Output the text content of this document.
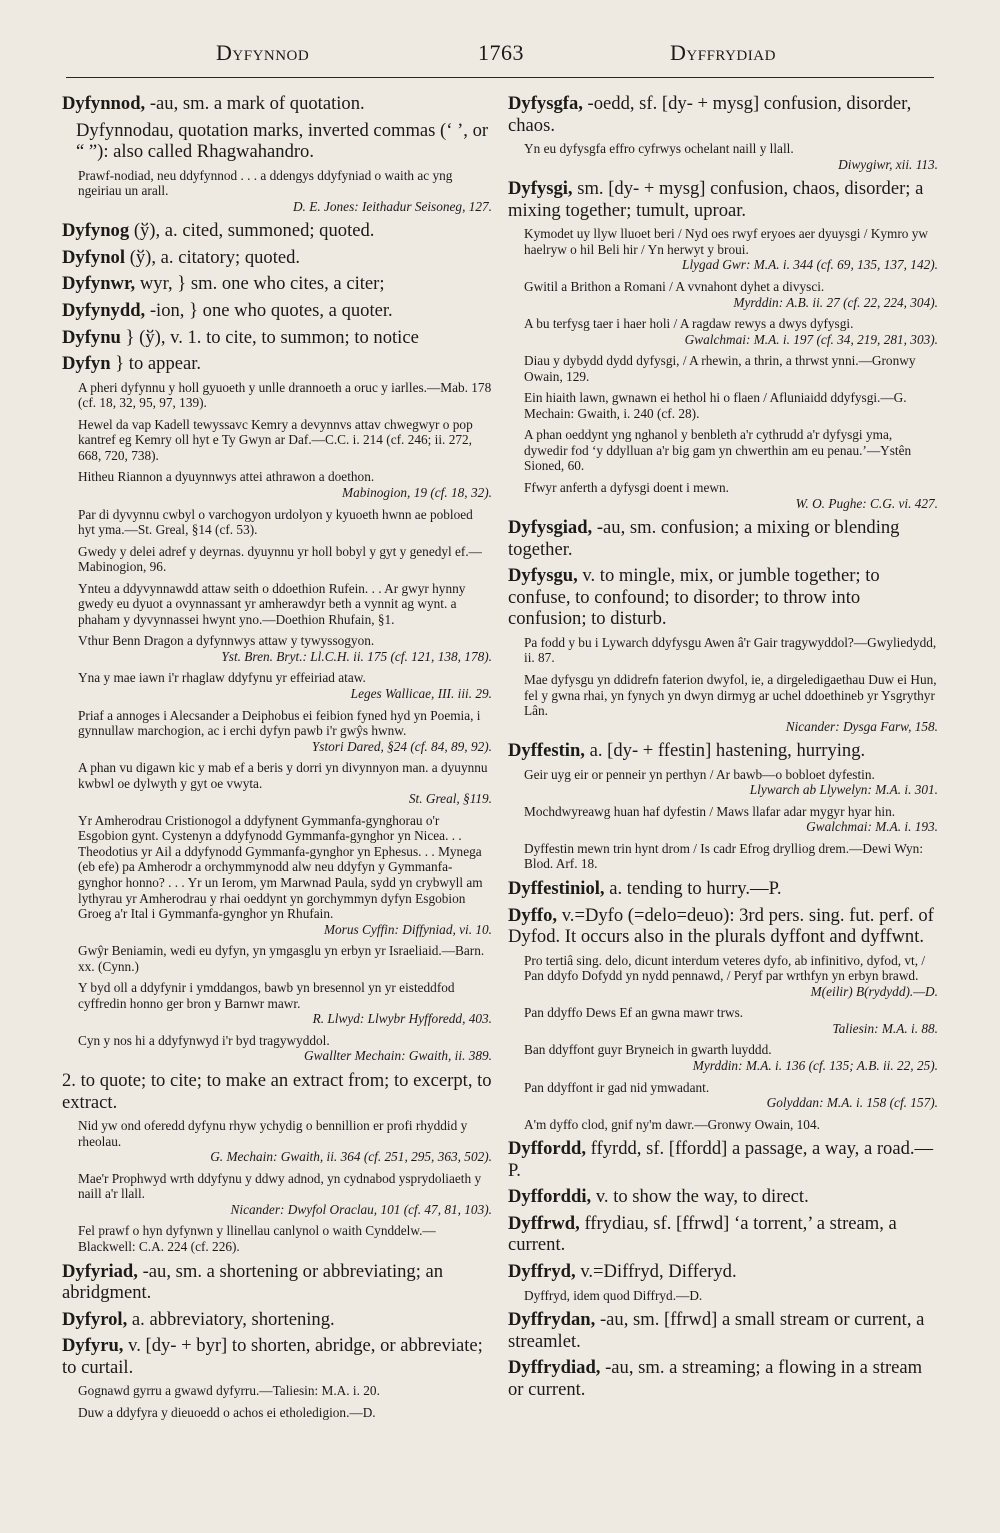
Dyfynnod	1763	Dyffrydiad
Dyfynnod, -au, sm. a mark of quotation.
Dyfynnodau, quotation marks, inverted commas (‘ ’, or “ ”): also called Rhagwahandro.
Prawf-nodiad, neu ddyfynnod . . . a ddengys ddyfyniad o waith ac yng ngeiriau un arall.
D. E. Jones: Ieithadur Seisoneg, 127.
Dyfynog (ў), a. cited, summoned; quoted.
Dyfynol (ў), a. citatory; quoted.
Dyfynwr, wyr, } sm. one who cites, a citer;
Dyfynydd, -ion, } one who quotes, a quoter.
Dyfynu } (ў), v. 1. to cite, to summon; to notice
Dyfyn } to appear.
A pheri dyfynnu y holl gyuoeth y unlle drannoeth a oruc y iarlles.—Mab. 178 (cf. 18, 32, 95, 97, 139).
Hewel da vap Kadell tewyssavc Kemry a devynnvs attav chwegwyr o pop kantref eg Kemry oll hyt e Ty Gwyn ar Daf.—C.C. i. 214 (cf. 246; ii. 272, 668, 720, 738).
Hitheu Riannon a dyuynnwys attei athrawon a doethon.
Mabinogion, 19 (cf. 18, 32).
Par di dyvynnu cwbyl o varchogyon urdolyon y kyuoeth hwnn ae pobloed hyt yma.—St. Greal, §14 (cf. 53).
Gwedy y delei adref y deyrnas. dyuynnu yr holl bobyl y gyt y genedyl ef.—Mabinogion, 96.
Ynteu a ddyvynnawdd attaw seith o ddoethion Rufein. . . Ar gwyr hynny gwedy eu dyuot a ovynnassant yr amherawdyr beth a vynnit ag wynt. a phaham y dyvynnassei hwynt yno.—Doethion Rhufain, §1.
Vthur Benn Dragon a dyfynnwys attaw y tywyssogyon.
Yst. Bren. Bryt.: Ll.C.H. ii. 175 (cf. 121, 138, 178).
Yna y mae iawn i'r rhaglaw ddyfynu yr effeiriad ataw.
Leges Wallicae, III. iii. 29.
Priaf a annoges i Alecsander a Deiphobus ei feibion fyned hyd yn Poemia, i gynnullaw marchogion, ac i erchi dyfyn pawb i'r gwŷs hwnw.
Ystori Dared, §24 (cf. 84, 89, 92).
A phan vu digawn kic y mab ef a beris y dorri yn divynnyon man. a dyuynnu kwbwl oe dylwyth y gyt oe vwyta.
St. Greal, §119.
Yr Amherodrau Cristionogol a ddyfynent Gymmanfa-gynghorau o'r Esgobion gynt. Cystenyn a ddyfynodd Gymmanfa-gynghor yn Nicea. . . Theodotius yr Ail a ddyfynodd Gymmanfa-gynghor yn Ephesus. . . Mynega (eb efe) pa Amherodr a orchymmynodd alw neu ddyfyn y Gymmanfa-gynghor honno? . . . Yr un Ierom, ym Marwnad Paula, sydd yn crybwyll am lythyrau yr Amherodrau y rhai oeddynt yn gorchymmyn dyfyn Esgobion Groeg a'r Ital i Gymmanfa-gynghor yn Rhufain.
Morus Cyffin: Diffyniad, vi. 10.
Gwŷr Beniamin, wedi eu dyfyn, yn ymgasglu yn erbyn yr Israeliaid.—Barn. xx. (Cynn.)
Y byd oll a ddyfynir i ymddangos, bawb yn bresennol yn yr eisteddfod cyffredin honno ger bron y Barnwr mawr.
R. Llwyd: Llwybr Hyfforedd, 403.
Cyn y nos hi a ddyfynwyd i'r byd tragywyddol.
Gwallter Mechain: Gwaith, ii. 389.
2. to quote; to cite; to make an extract from; to excerpt, to extract.
Nid yw ond oferedd dyfynu rhyw ychydig o bennillion er profi rhyddid y rheolau.
G. Mechain: Gwaith, ii. 364 (cf. 251, 295, 363, 502).
Mae'r Prophwyd wrth ddyfynu y ddwy adnod, yn cydnabod ysprydoliaeth y naill a'r llall.
Nicander: Dwyfol Oraclau, 101 (cf. 47, 81, 103).
Fel prawf o hyn dyfynwn y llinellau canlynol o waith Cynddelw.—Blackwell: C.A. 224 (cf. 226).
Dyfyriad, -au, sm. a shortening or abbreviating; an abridgment.
Dyfyrol, a. abbreviatory, shortening.
Dyfyru, v. [dy- + byr] to shorten, abridge, or abbreviate; to curtail.
Gognawd gyrru a gwawd dyfyrru.—Taliesin: M.A. i. 20.
Duw a ddyfyra y dieuoedd o achos ei etholedigion.—D.
Dyfysgfa, -oedd, sf. [dy- + mysg] confusion, disorder, chaos.
Yn eu dyfysgfa effro cyfrwys ochelant naill y llall.
Diwygiwr, xii. 113.
Dyfysgi, sm. [dy- + mysg] confusion, chaos, disorder; a mixing together; tumult, uproar.
Kymodet uy llyw lluoet beri / Nyd oes rwyf eryoes aer dyuysgi / Kymro yw haelryw o hil Beli hir / Yn herwyt y broui.
Llygad Gwr: M.A. i. 344 (cf. 69, 135, 137, 142).
Gwitil a Brithon a Romani / A vvnahont dyhet a divysci.
Myrddin: A.B. ii. 27 (cf. 22, 224, 304).
A bu terfysg taer i haer holi / A ragdaw rewys a dwys dyfysgi.
Gwalchmai: M.A. i. 197 (cf. 34, 219, 281, 303).
Diau y dybydd dydd dyfysgi, / A rhewin, a thrin, a thrwst ynni.—Gronwy Owain, 129.
Ein hiaith lawn, gwnawn ei hethol hi o flaen / Afluniaidd ddyfysgi.—G. Mechain: Gwaith, i. 240 (cf. 28).
A phan oeddynt yng nghanol y benbleth a'r cythrudd a'r dyfysgi yma, dywedir fod ‘y ddylluan a'r big gam yn chwerthin am eu penau.’—Ystên Sioned, 60.
Ffwyr anferth a dyfysgi doent i mewn.
W. O. Pughe: C.G. vi. 427.
Dyfysgiad, -au, sm. confusion; a mixing or blending together.
Dyfysgu, v. to mingle, mix, or jumble together; to confuse, to confound; to disorder; to throw into confusion; to disturb.
Pa fodd y bu i Lywarch ddyfysgu Awen â'r Gair tragywyddol?—Gwyliedydd, ii. 87.
Mae dyfysgu yn ddidrefn faterion dwyfol, ie, a dirgeledigaethau Duw ei Hun, fel y gwna rhai, yn fynych yn dwyn dirmyg ar uchel ddoethineb yr Ysgrythyr Lân.
Nicander: Dysga Farw, 158.
Dyffestin, a. [dy- + ffestin] hastening, hurrying.
Geir uyg eir or penneir yn perthyn / Ar bawb—o bobloet dyfestin.
Llywarch ab Llywelyn: M.A. i. 301.
Mochdwyreawg huan haf dyfestin / Maws llafar adar mygyr hyar hin.
Gwalchmai: M.A. i. 193.
Dyffestin mewn trin hynt drom / Is cadr Efrog drylliog drem.—Dewi Wyn: Blod. Arf. 18.
Dyffestiniol, a. tending to hurry.—P.
Dyffo, v.=Dyfo (=delo=deuo): 3rd pers. sing. fut. perf. of Dyfod. It occurs also in the plurals dyffont and dyffwnt.
Pro tertiâ sing. delo, dicunt interdum veteres dyfo, ab infinitivo, dyfod, vt, / Pan ddyfo Dofydd yn nydd pennawd, / Peryf par wrthfyn yn erbyn brawd.
M(eilir) B(rydydd).—D.
Pan ddyffo Dews Ef an gwna mawr trws.
Taliesin: M.A. i. 88.
Ban ddyffont guyr Bryneich in gwarth luyddd.
Myrddin: M.A. i. 136 (cf. 135; A.B. ii. 22, 25).
Pan ddyffont ir gad nid ymwadant.
Golyddan: M.A. i. 158 (cf. 157).
A'm dyffo clod, gnif ny'm dawr.—Gronwy Owain, 104.
Dyffordd, ffyrdd, sf. [ffordd] a passage, a way, a road.—P.
Dyfforddi, v. to show the way, to direct.
Dyffrwd, ffrydiau, sf. [ffrwd] ‘a torrent,’ a stream, a current.
Dyffryd, v.=Diffryd, Differyd.
Dyffryd, idem quod Diffryd.—D.
Dyffrydan, -au, sm. [ffrwd] a small stream or current, a streamlet.
Dyffrydiad, -au, sm. a streaming; a flowing in a stream or current.
